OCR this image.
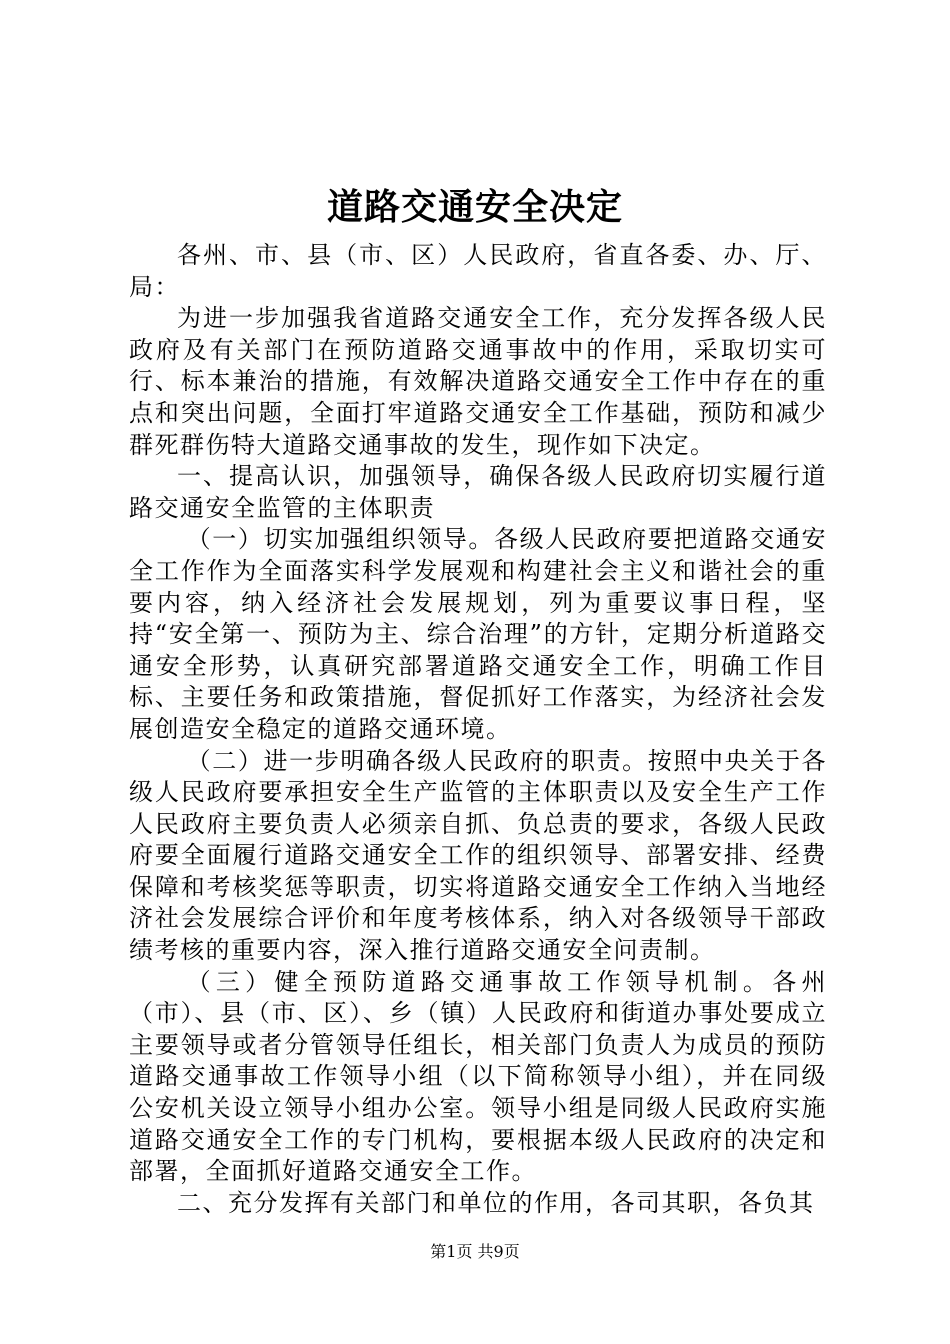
道路交通安全决定

各州、市、县（市、区）人民政府，省直各委、办、厅、局：

为进一步加强我省道路交通安全工作，充分发挥各级人民政府及有关部门在预防道路交通事故中的作用，采取切实可行、标本兼治的措施，有效解决道路交通安全工作中存在的重点和突出问题，全面打牢道路交通安全工作基础，预防和减少群死群伤特大道路交通事故的发生，现作如下决定。

一、提高认识，加强领导，确保各级人民政府切实履行道路交通安全监管的主体职责

（一）切实加强组织领导。各级人民政府要把道路交通安全工作作为全面落实科学发展观和构建社会主义和谐社会的重要内容，纳入经济社会发展规划，列为重要议事日程，坚持“安全第一、预防为主、综合治理”的方针，定期分析道路交通安全形势，认真研究部署道路交通安全工作，明确工作目标、主要任务和政策措施，督促抓好工作落实，为经济社会发展创造安全稳定的道路交通环境。

（二）进一步明确各级人民政府的职责。按照中央关于各级人民政府要承担安全生产监管的主体职责以及安全生产工作人民政府主要负责人必须亲自抓、负总责的要求，各级人民政府要全面履行道路交通安全工作的组织领导、部署安排、经费保障和考核奖惩等职责，切实将道路交通安全工作纳入当地经济社会发展综合评价和年度考核体系，纳入对各级领导干部政绩考核的重要内容，深入推行道路交通安全问责制。

（三）健全预防道路交通事故工作领导机制。各州（市）、县（市、区）、乡（镇）人民政府和街道办事处要成立主要领导或者分管领导任组长，相关部门负责人为成员的预防道路交通事故工作领导小组（以下简称领导小组），并在同级公安机关设立领导小组办公室。领导小组是同级人民政府实施道路交通安全工作的专门机构，要根据本级人民政府的决定和部署，全面抓好道路交通安全工作。

二、充分发挥有关部门和单位的作用，各司其职，各负其

第1页 共9页
